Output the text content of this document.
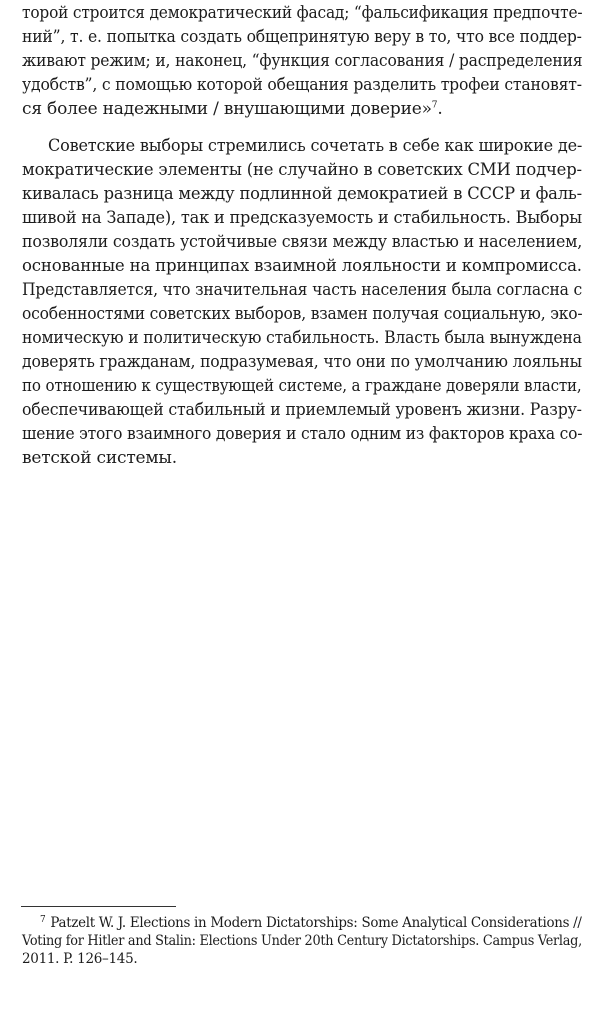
торой строится демократический фасад; “фальсификация предпочте-
ний”, т. е. попытка создать общепринятую веру в то, что все поддер-
живают режим; и, наконец, “функция согласования / распределения
удобств”, с помощью которой обещания разделить трофеи становят-
ся более надежными / внушающими доверие»$^7$.
Советские выборы стремились сочетать в себе как широкие де-
мократические элементы (не случайно в советских СМИ подчер-
кивалась разница между подлинной демократией в СССР и фаль-
шивой на Западе), так и предсказуемость и стабильность. Выборы
позволяли создать устойчивые связи между властью и населением,
основанные на принципах взаимной лояльности и компромисса.
Представляется, что значительная часть населения была согласна с
особенностями советских выборов, взамен получая социальную, эко-
номическую и политическую стабильность. Власть была вынуждена
доверять гражданам, подразумевая, что они по умолчанию лояльны
по отношению к существующей системе, а граждане доверяли власти,
обеспечивающей стабильный и приемлемый уровенъ жизни. Разру-
шение этого взаимного доверия и стало одним из факторов краха со-
ветской системы.
$^7$ Patzelt W. J. Elections in Modern Dictatorships: Some Analytical Considerations //
Voting for Hitler and Stalin: Elections Under 20th Century Dictatorships. Campus Verlag,
2011. P. 126–145.
